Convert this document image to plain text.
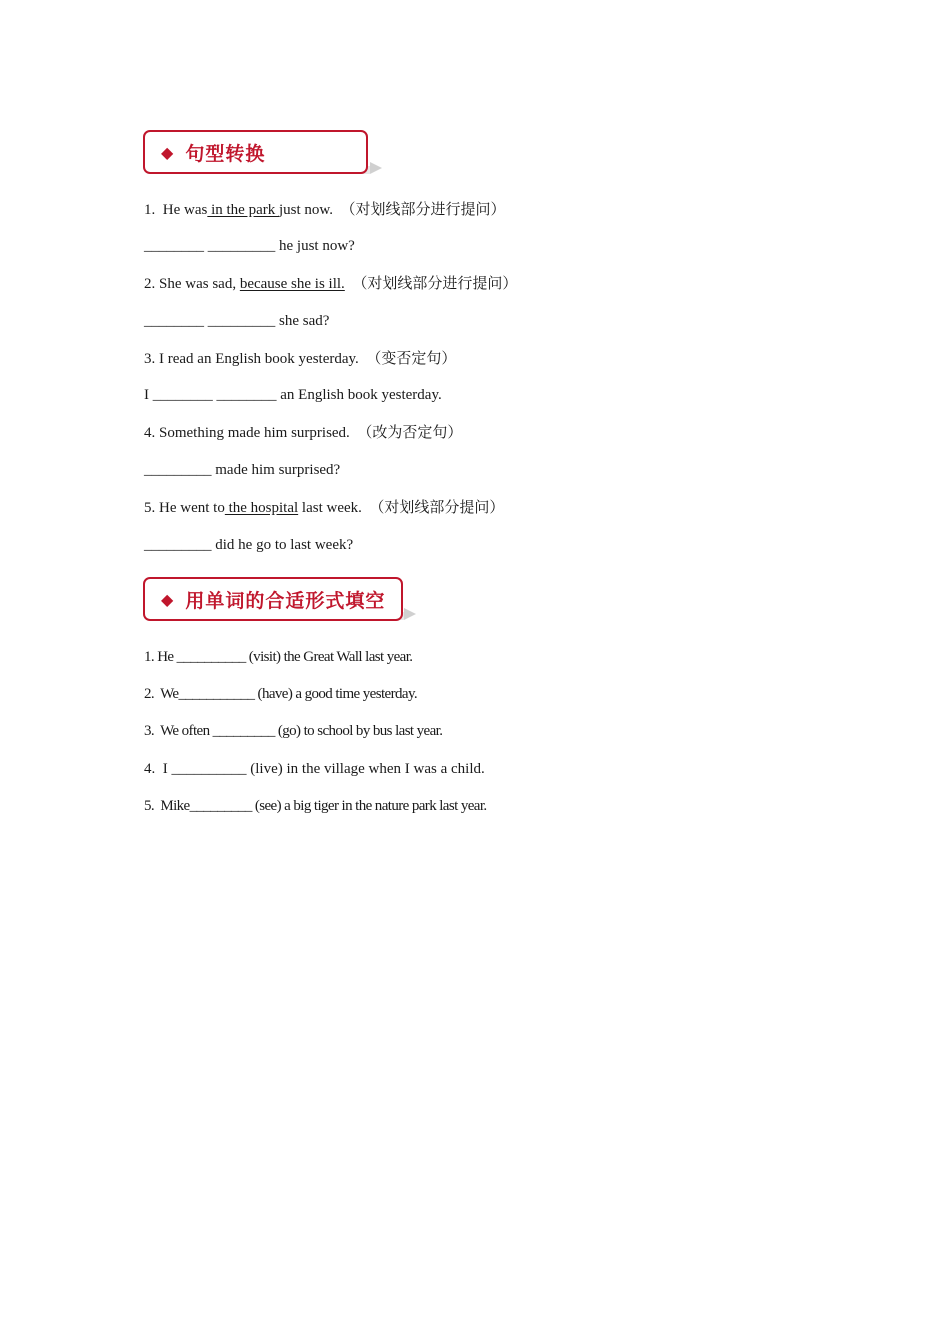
◆ 句型转换
1.  He was in the park just now.  （对划线部分进行提问）
________ _________ he just now?
2. She was sad, because she is ill. （对划线部分进行提问）
________ _________ she sad?
3. I read an English book yesterday.  （变否定句）
I ________ ________ an English book yesterday.
4. Something made him surprised.  （改为否定句）
_________ made him surprised?
5. He went to the hospital last week.  （对划线部分提问）
_________ did he go to last week?
◆ 用单词的合适形式填空
1. He __________ (visit) the Great Wall last year.
2.  We___________ (have) a good time yesterday.
3.  We often _________ (go) to school by bus last year.
4.  I __________ (live) in the village when I was a child.
5.  Mike_________ (see) a big tiger in the nature park last year.
